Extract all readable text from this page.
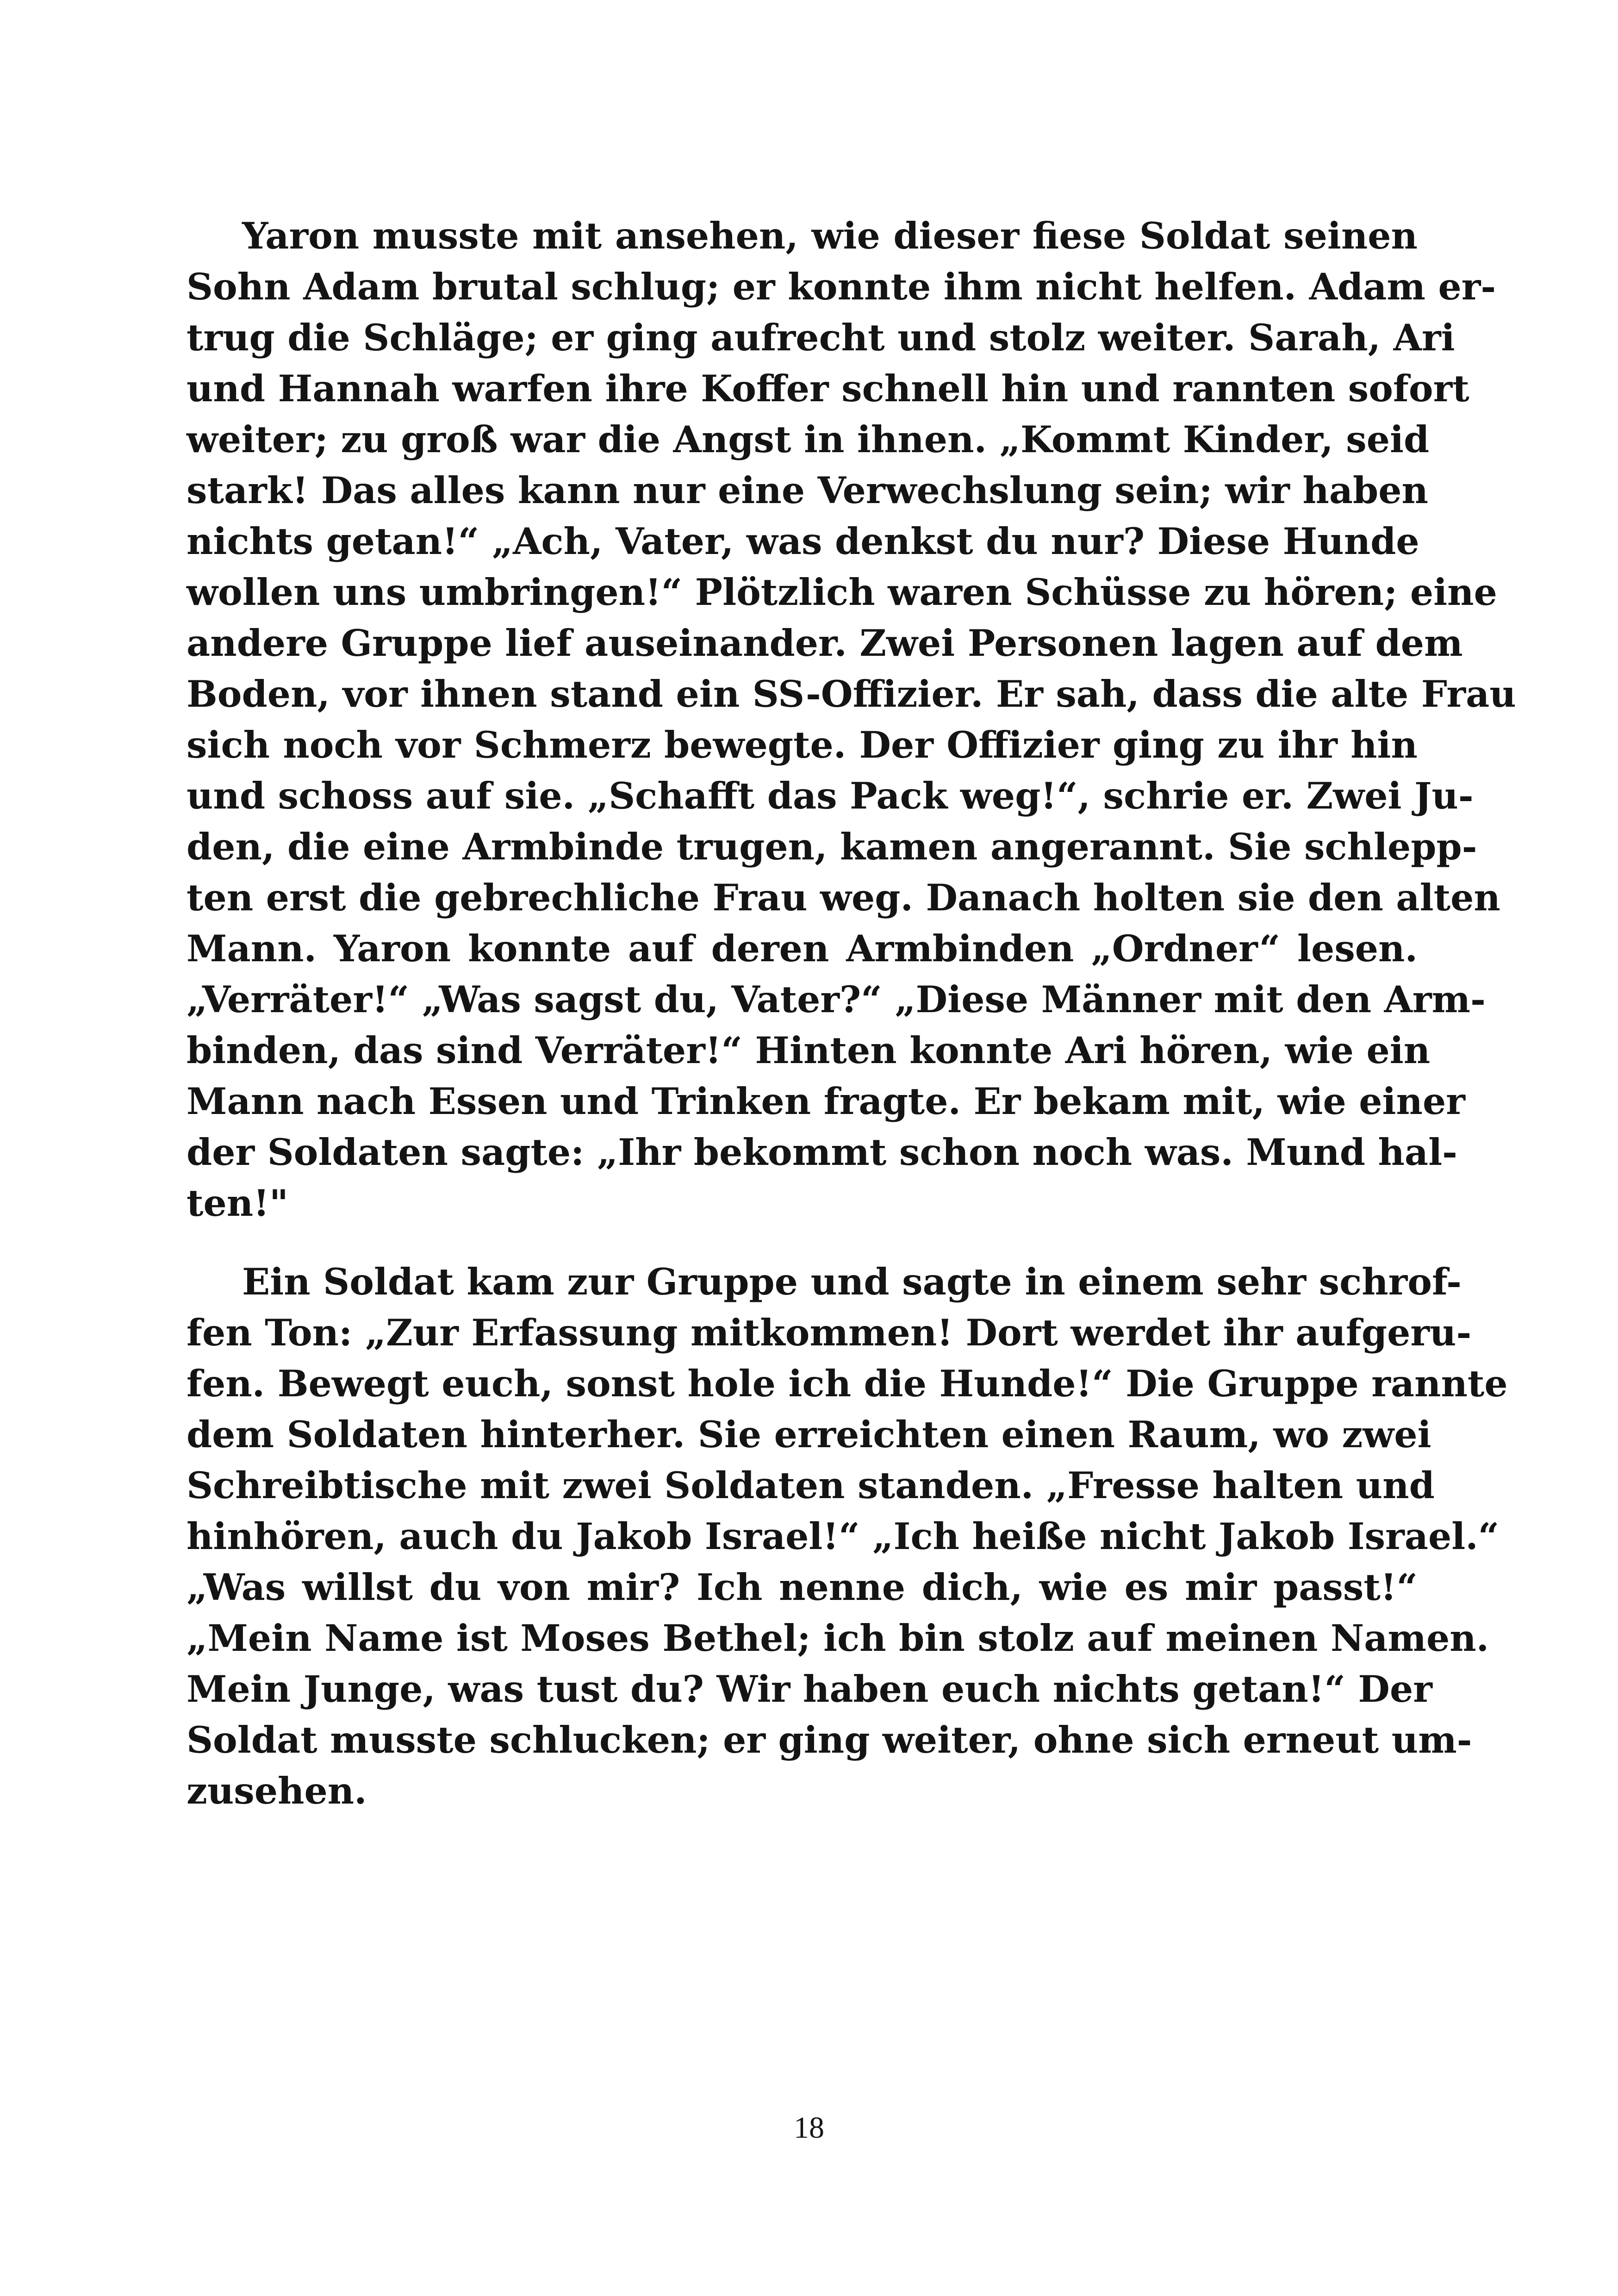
Yaron musste mit ansehen, wie dieser fiese Soldat seinen
Sohn Adam brutal schlug; er konnte ihm nicht helfen. Adam er-
trug die Schläge; er ging aufrecht und stolz weiter. Sarah, Ari
und Hannah warfen ihre Koffer schnell hin und rannten sofort
weiter; zu groß war die Angst in ihnen. „Kommt Kinder, seid
stark! Das alles kann nur eine Verwechslung sein; wir haben
nichts getan!“ „Ach, Vater, was denkst du nur? Diese Hunde
wollen uns umbringen!“ Plötzlich waren Schüsse zu hören; eine
andere Gruppe lief auseinander. Zwei Personen lagen auf dem
Boden, vor ihnen stand ein SS-Offizier. Er sah, dass die alte Frau
sich noch vor Schmerz bewegte. Der Offizier ging zu ihr hin
und schoss auf sie. „Schafft das Pack weg!“, schrie er. Zwei Ju-
den, die eine Armbinde trugen, kamen angerannt. Sie schlepp-
ten erst die gebrechliche Frau weg. Danach holten sie den alten
Mann. Yaron konnte auf deren Armbinden „Ordner“ lesen.
„Verräter!“ „Was sagst du, Vater?“ „Diese Männer mit den Arm-
binden, das sind Verräter!“ Hinten konnte Ari hören, wie ein
Mann nach Essen und Trinken fragte. Er bekam mit, wie einer
der Soldaten sagte: „Ihr bekommt schon noch was. Mund hal-
ten!"
Ein Soldat kam zur Gruppe und sagte in einem sehr schrof-
fen Ton: „Zur Erfassung mitkommen! Dort werdet ihr aufgeru-
fen. Bewegt euch, sonst hole ich die Hunde!“ Die Gruppe rannte
dem Soldaten hinterher. Sie erreichten einen Raum, wo zwei
Schreibtische mit zwei Soldaten standen. „Fresse halten und
hinhören, auch du Jakob Israel!“ „Ich heiße nicht Jakob Israel.“
„Was willst du von mir? Ich nenne dich, wie es mir passt!“
„Mein Name ist Moses Bethel; ich bin stolz auf meinen Namen.
Mein Junge, was tust du? Wir haben euch nichts getan!“ Der
Soldat musste schlucken; er ging weiter, ohne sich erneut um-
zusehen.
18
